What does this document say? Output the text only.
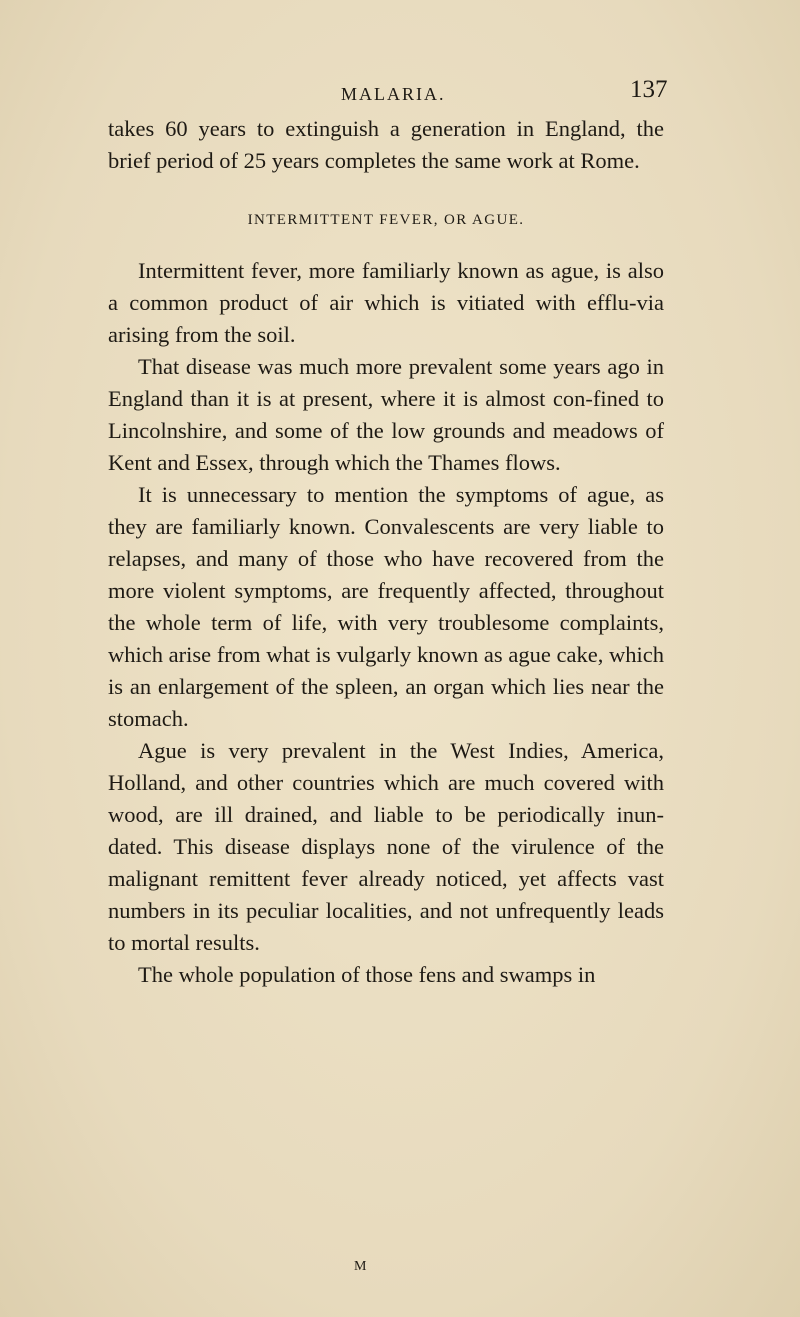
MALARIA.	137

takes 60 years to extinguish a generation in England, the brief period of 25 years completes the same work at Rome.

INTERMITTENT FEVER, OR AGUE.

Intermittent fever, more familiarly known as ague, is also a common product of air which is vitiated with efflu-via arising from the soil.

That disease was much more prevalent some years ago in England than it is at present, where it is almost con-fined to Lincolnshire, and some of the low grounds and meadows of Kent and Essex, through which the Thames flows.

It is unnecessary to mention the symptoms of ague, as they are familiarly known. Convalescents are very liable to relapses, and many of those who have recovered from the more violent symptoms, are frequently affected, throughout the whole term of life, with very troublesome complaints, which arise from what is vulgarly known as ague cake, which is an enlargement of the spleen, an organ which lies near the stomach.

Ague is very prevalent in the West Indies, America, Holland, and other countries which are much covered with wood, are ill drained, and liable to be periodically inun-dated. This disease displays none of the virulence of the malignant remittent fever already noticed, yet affects vast numbers in its peculiar localities, and not unfrequently leads to mortal results.

The whole population of those fens and swamps in

M
